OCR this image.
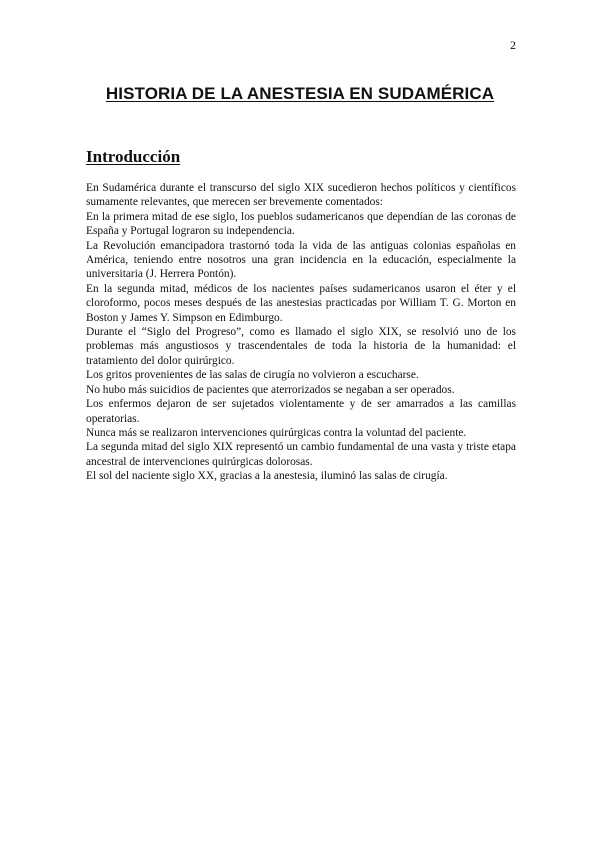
2
HISTORIA DE LA ANESTESIA EN SUDAMÉRICA
Introducción

En Sudamérica durante el transcurso del siglo XIX sucedieron hechos políticos y científicos sumamente relevantes, que merecen ser brevemente comentados:

En la primera mitad de ese siglo, los pueblos sudamericanos que dependían de las coronas de España y Portugal lograron su independencia.

La Revolución emancipadora trastornó toda la vida de las antiguas colonias españolas en América, teniendo entre nosotros una gran incidencia en la educación, especialmente la universitaria (J. Herrera Pontón).

En la segunda mitad, médicos de los nacientes países sudamericanos usaron el éter y el cloroformo, pocos meses después de las anestesias practicadas por William T. G. Morton en Boston y James Y. Simpson en Edimburgo.

Durante el “Siglo del Progreso”, como es llamado el siglo XIX, se resolvió uno de los problemas más angustiosos y trascendentales de toda la historia de la humanidad: el tratamiento del dolor quirúrgico.

Los gritos provenientes de las salas de cirugía no volvieron a escucharse.

No hubo más suicidios de pacientes que aterrorizados se negaban a ser operados.

Los enfermos dejaron de ser sujetados violentamente y de ser amarrados a las camillas operatorias.

Nunca más se realizaron intervenciones quirúrgicas contra la voluntad del paciente.

La segunda mitad del siglo XIX representó un cambio fundamental de una vasta y triste etapa ancestral de intervenciones quirúrgicas dolorosas.

El sol del naciente siglo XX, gracias a la anestesia, iluminó las salas de cirugía.
